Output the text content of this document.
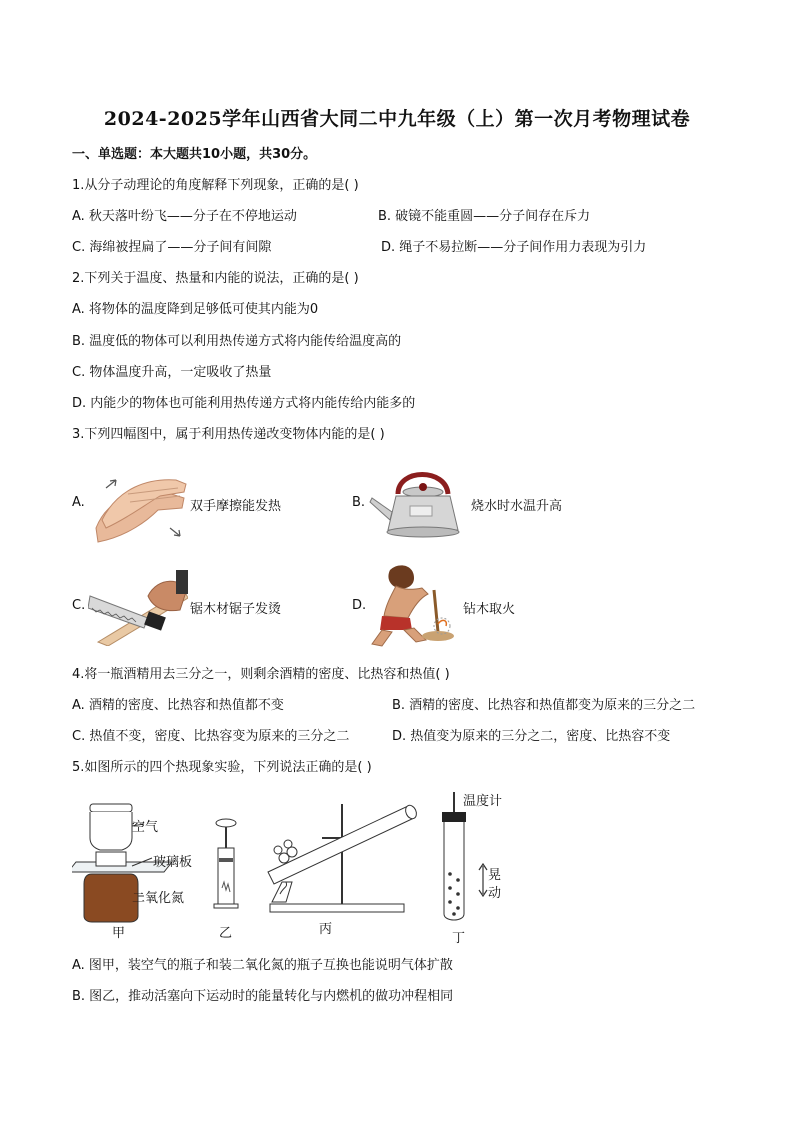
2024-2025学年山西省大同二中九年级（上）第一次月考物理试卷
一、单选题：本大题共10小题，共30分。
1.从分子动理论的角度解释下列现象，正确的是( )
A. 秋天落叶纷飞——分子在不停地运动	B. 破镜不能重圆——分子间存在斥力
C. 海绵被捏扁了——分子间有间隙	D. 绳子不易拉断——分子间作用力表现为引力
2.下列关于温度、热量和内能的说法，正确的是( )
A. 将物体的温度降到足够低可使其内能为0
B. 温度低的物体可以利用热传递方式将内能传给温度高的
C. 物体温度升高，一定吸收了热量
D. 内能少的物体也可能利用热传递方式将内能传给内能多的
3.下列四幅图中，属于利用热传递改变物体内能的是( )
A.	双手摩擦能发热	B.	烧水时水温升高
C.	锯木材锯子发烫	D.	钻木取火
4.将一瓶酒精用去三分之一，则剩余酒精的密度、比热容和热值( )
A. 酒精的密度、比热容和热值都不变	B. 酒精的密度、比热容和热值都变为原来的三分之二
C. 热值不变，密度、比热容变为原来的三分之二	D. 热值变为原来的三分之二，密度、比热容不变
5.如图所示的四个热现象实验，下列说法正确的是( )
空气
玻璃板
二氧化氮
甲	乙	丙
温度计
晃
动
丁
A. 图甲，装空气的瓶子和装二氧化氮的瓶子互换也能说明气体扩散
B. 图乙，推动活塞向下运动时的能量转化与内燃机的做功冲程相同
